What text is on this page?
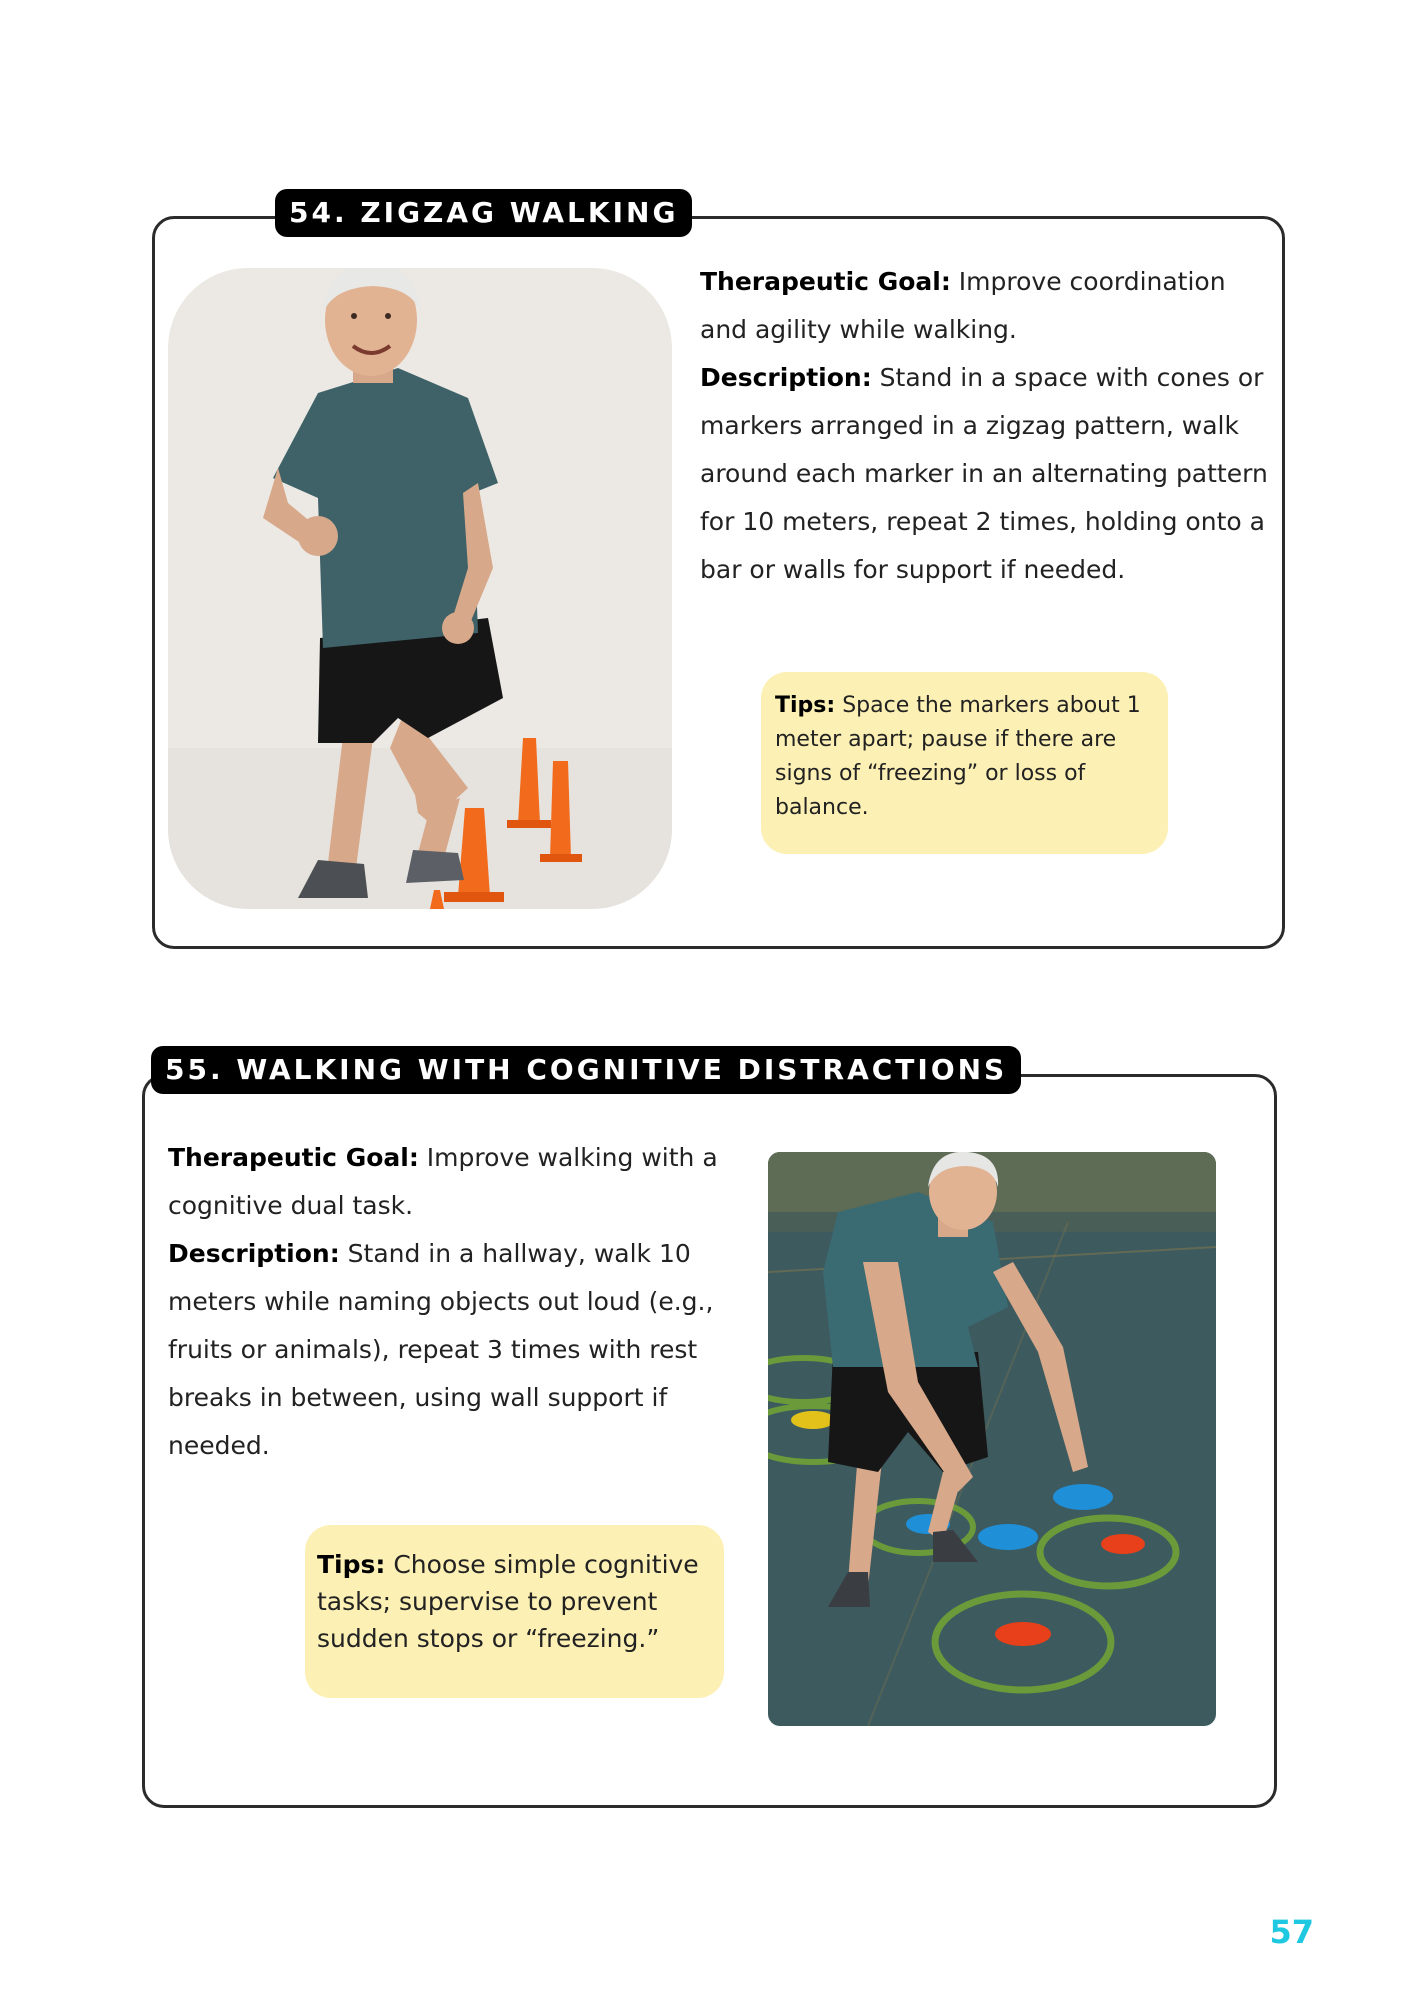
54. ZIGZAG WALKING
Therapeutic Goal: Improve coordination and agility while walking.
Description: Stand in a space with cones or markers arranged in a zigzag pattern, walk around each marker in an alternating pattern for 10 meters, repeat 2 times, holding onto a bar or walls for support if needed.
Tips: Space the markers about 1 meter apart; pause if there are signs of “freezing” or loss of balance.
55. WALKING WITH COGNITIVE DISTRACTIONS
Therapeutic Goal: Improve walking with a cognitive dual task.
Description: Stand in a hallway, walk 10 meters while naming objects out loud (e.g., fruits or animals), repeat 3 times with rest breaks in between, using wall support if needed.
Tips: Choose simple cognitive tasks; supervise to prevent sudden stops or “freezing.”
57
